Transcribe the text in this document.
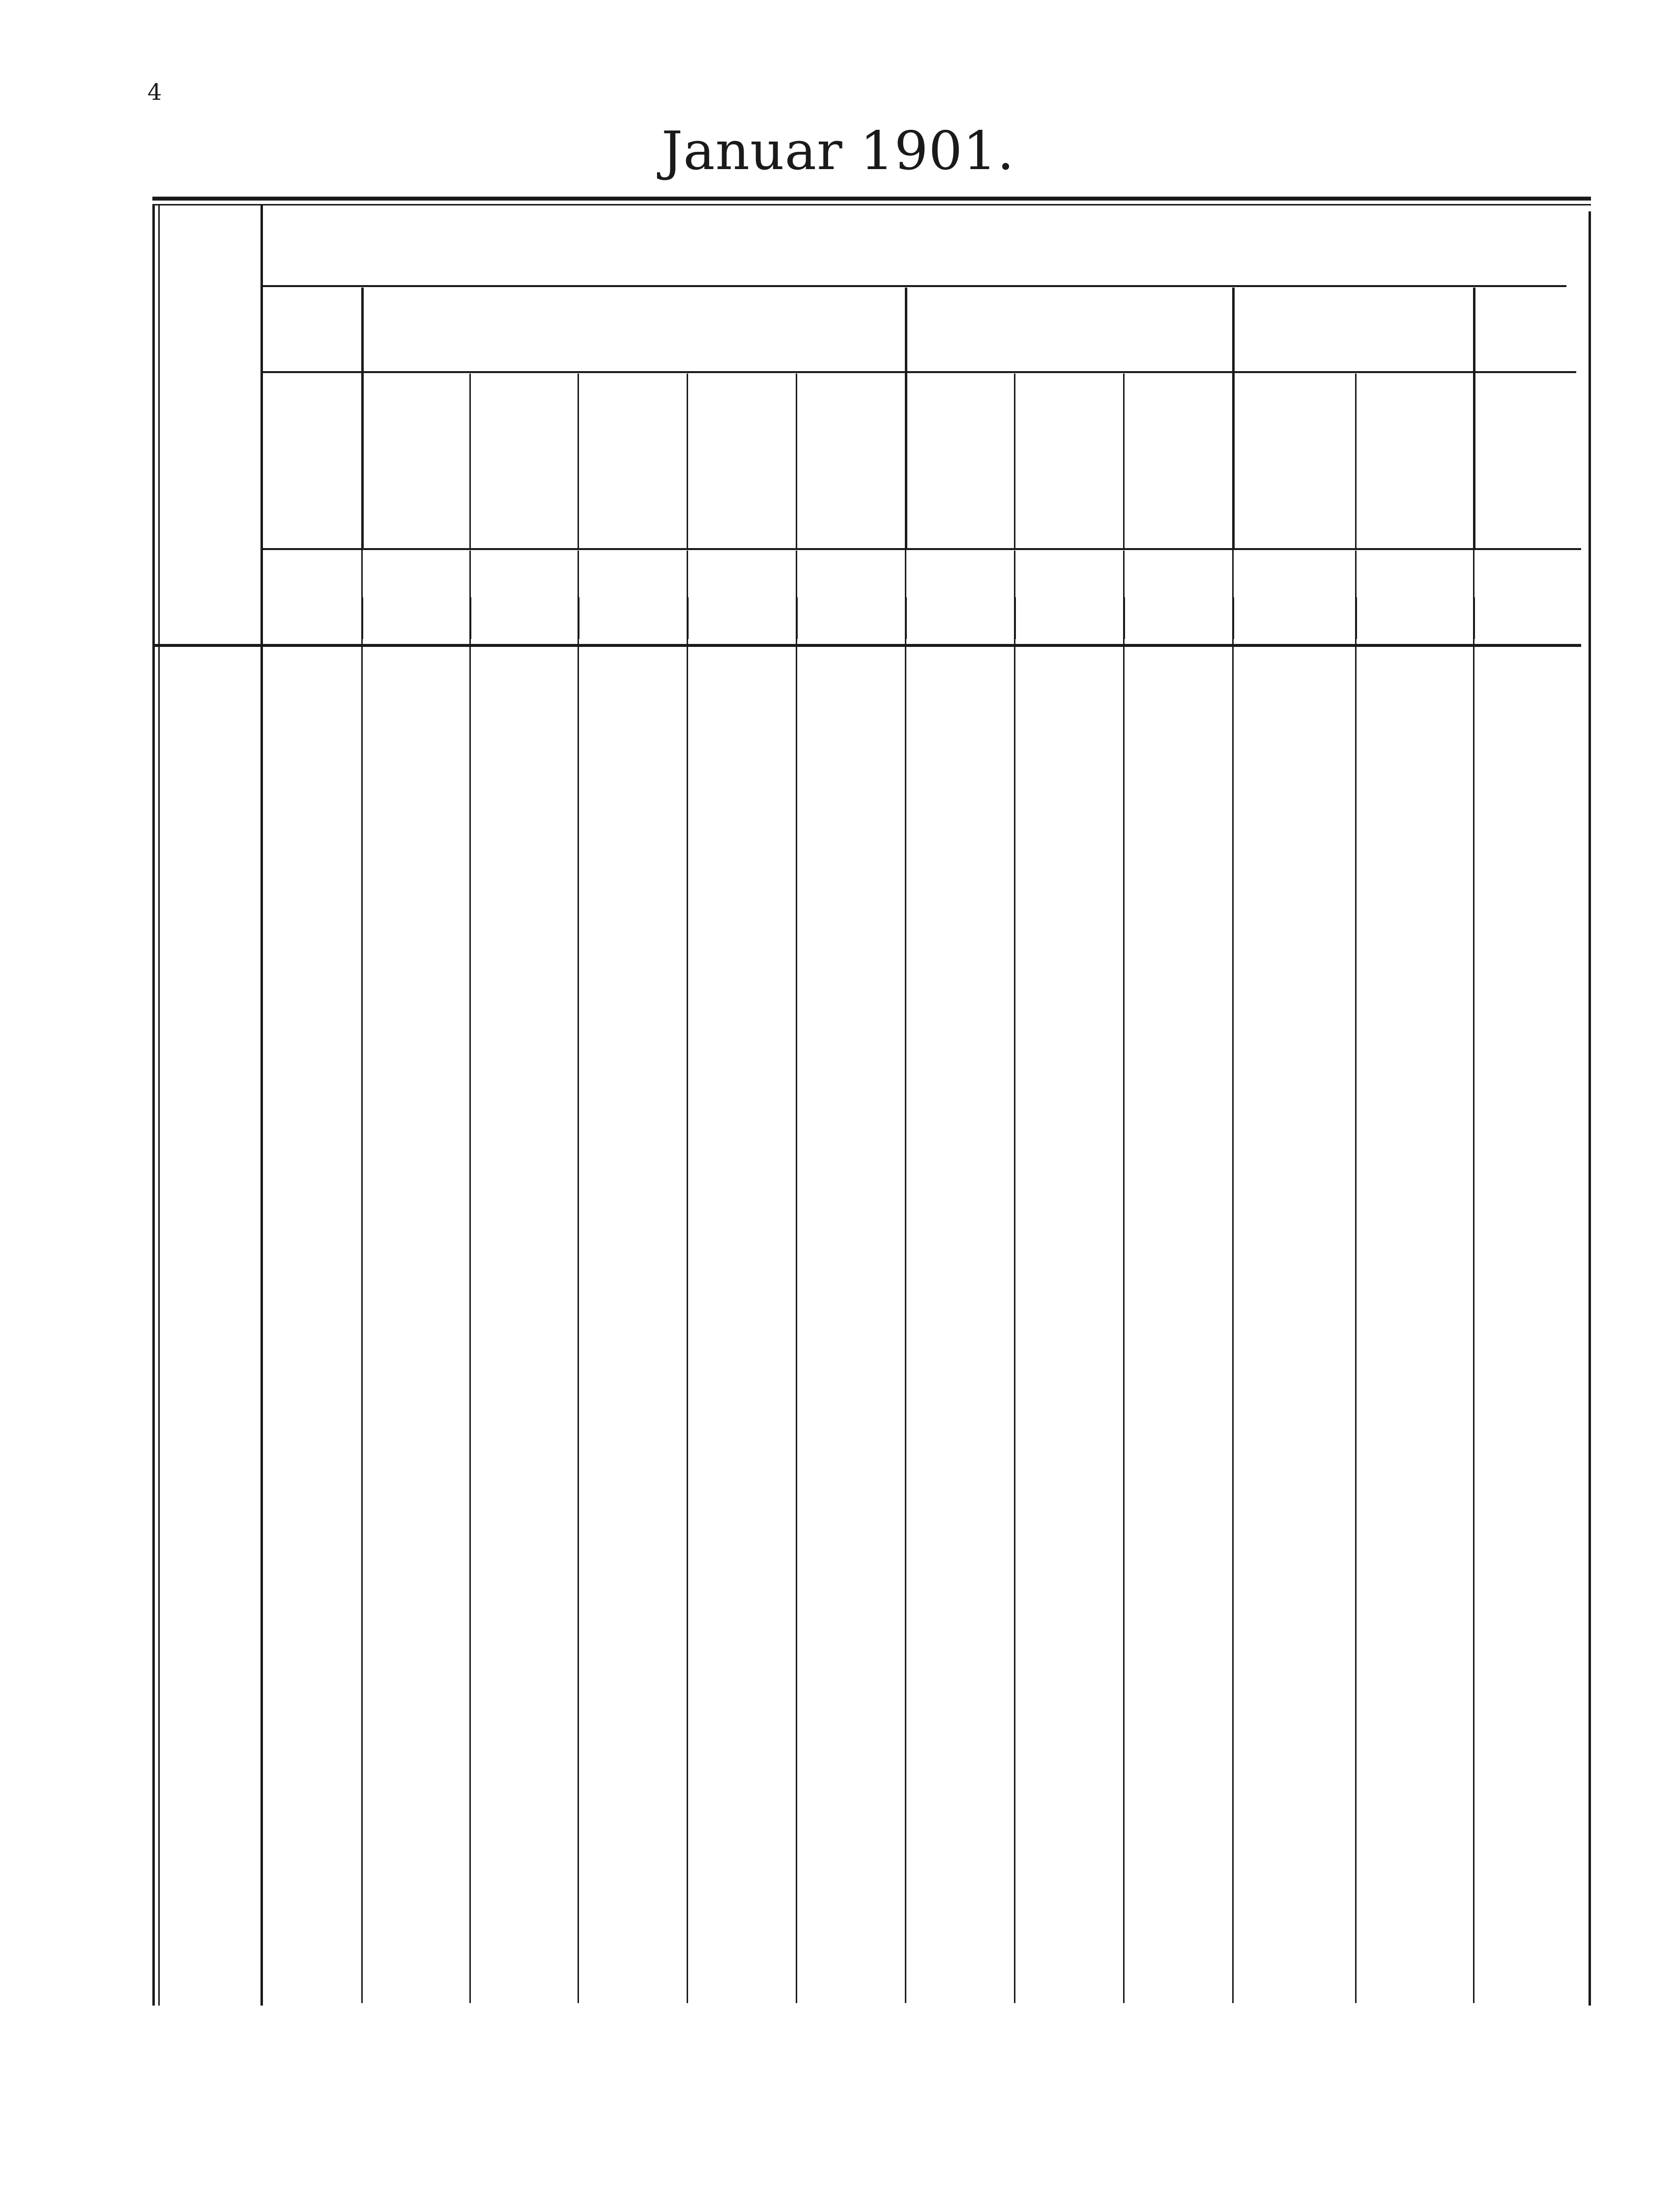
4
Januar 1901.
